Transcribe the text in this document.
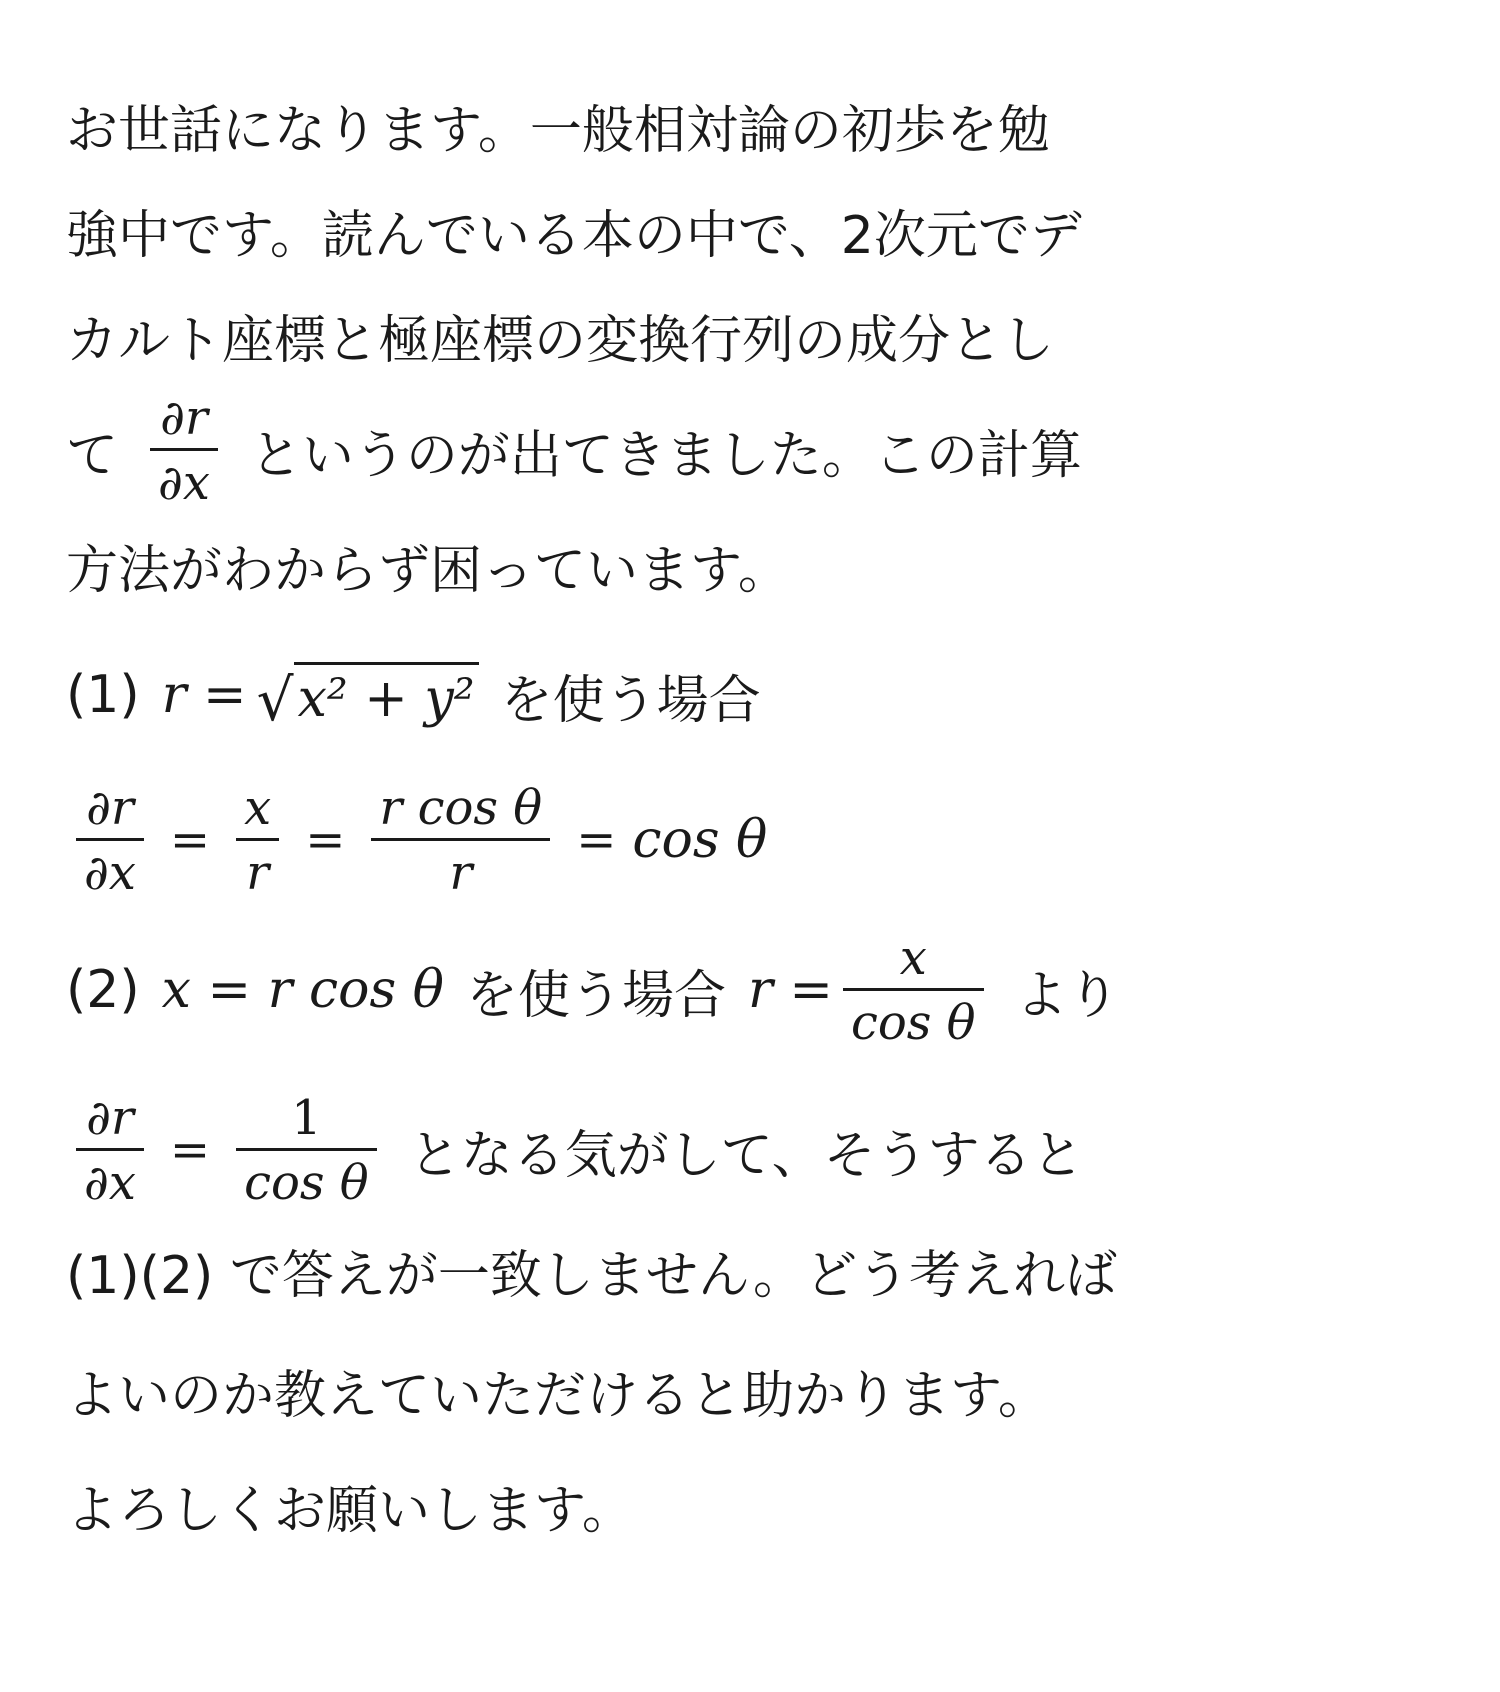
お世話になります。一般相対論の初歩を勉
強中です。読んでいる本の中で、2次元でデ
カルト座標と極座標の変換行列の成分とし
て $\frac{\partial r}{\partial x}$ というのが出てきました。この計算
方法がわからず困っています。
(1) r = √ x² + y² を使う場合
$\frac{\partial r}{\partial x} = \frac{x}{r} = \frac{\text{r cos θ}}{r} = \cos \theta$
(2) x = r cos θ を使う場合 $r = \frac{x}{\text{cos θ}}$ より
$\frac{\partial r}{\partial x} = \frac{1}{\text{cos θ}}$ となる気がして、そうすると
(1)(2) で答えが一致しません。どう考えれば
よいのか教えていただけると助かります。
よろしくお願いします。
